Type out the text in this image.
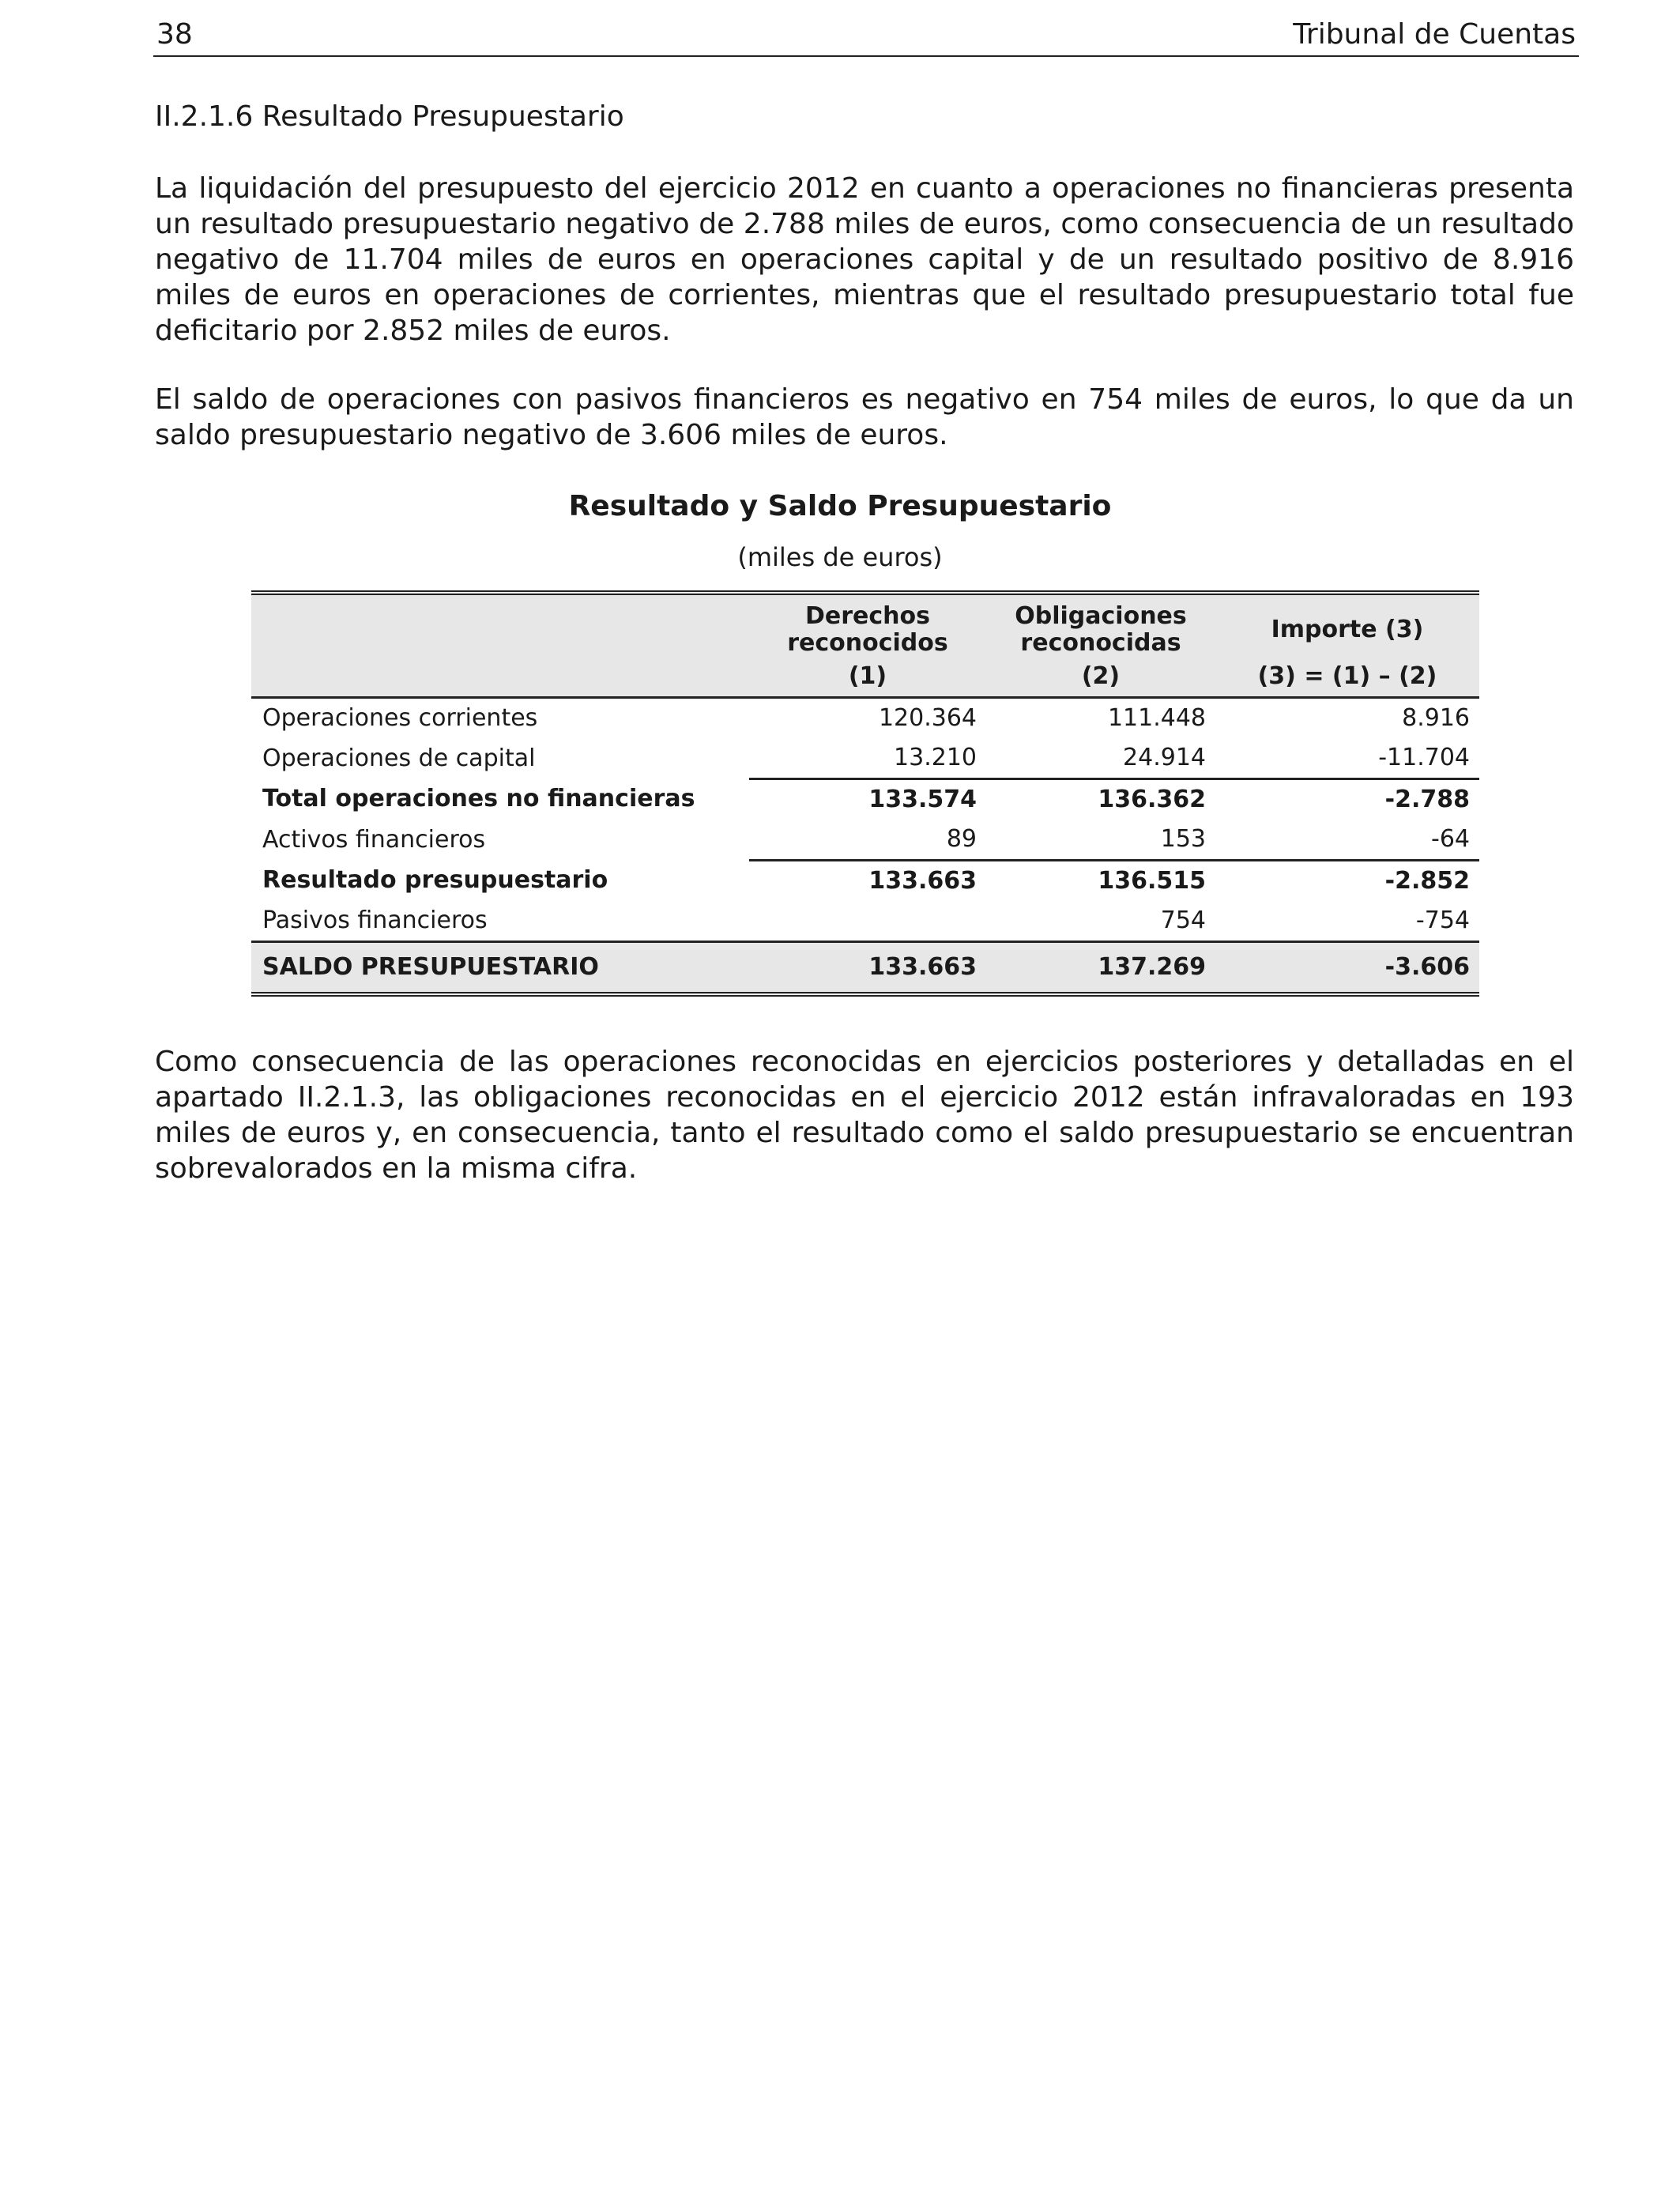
38	Tribunal de Cuentas
II.2.1.6 Resultado Presupuestario

La liquidación del presupuesto del ejercicio 2012 en cuanto a operaciones no financieras presenta un resultado presupuestario negativo de 2.788 miles de euros, como consecuencia de un resultado negativo de 11.704 miles de euros en operaciones capital y de un resultado positivo de 8.916 miles de euros en operaciones de corrientes, mientras que el resultado presupuestario total fue deficitario por 2.852 miles de euros.

El saldo de operaciones con pasivos financieros es negativo en 754 miles de euros, lo que da un saldo presupuestario negativo de 3.606 miles de euros.

Resultado y Saldo Presupuestario
(miles de euros)
	Derechos reconocidos	Obligaciones reconocidas	Importe (3)
	(1)	(2)	(3) = (1) – (2)
Operaciones corrientes	120.364	111.448	8.916
Operaciones de capital	13.210	24.914	-11.704
Total operaciones no financieras	133.574	136.362	-2.788
Activos financieros	89	153	-64
Resultado presupuestario	133.663	136.515	-2.852
Pasivos financieros		754	-754
SALDO PRESUPUESTARIO	133.663	137.269	-3.606

Como consecuencia de las operaciones reconocidas en ejercicios posteriores y detalladas en el apartado II.2.1.3, las obligaciones reconocidas en el ejercicio 2012 están infravaloradas en 193 miles de euros y, en consecuencia, tanto el resultado como el saldo presupuestario se encuentran sobrevalorados en la misma cifra.
